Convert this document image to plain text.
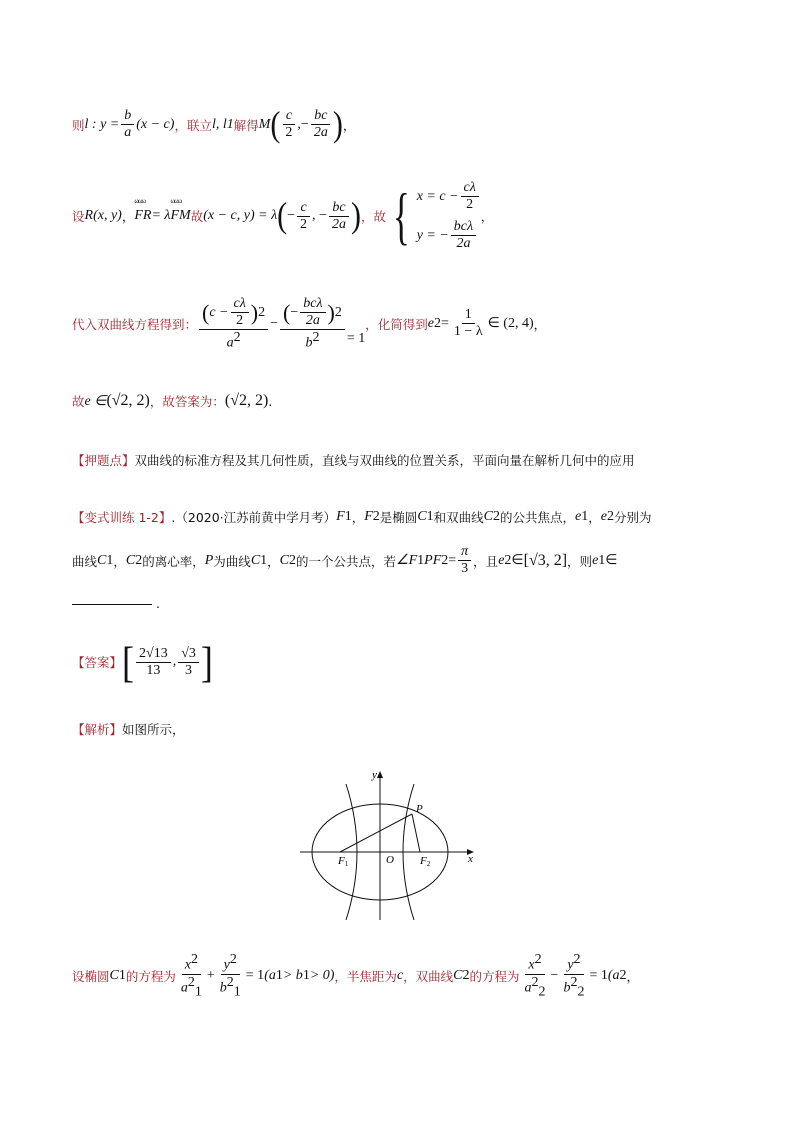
则 l : $y = \frac{b}{a} (x - c)$ ，联立 l, l 1 解得 M ( $\frac{c}{2}$ , − $\frac{bc}{2a}$ ) ，
设 R(x, y) ， ωωω FR = λ ωωω FM 故 (x − c, y) = λ ( − $\frac{c}{2}$ , − $\frac{bc}{2a}$ ) ，故 { $x = c - \frac{c\lambda}{2}$
y = − $\frac{\text{bcλ}}{2a}$
，
代入双曲线方程得到： $\frac{( c - \frac{c\lambda}{2} ) 2}{a^2} - \frac{( - \frac{\text{bcλ}}{2a} ) 2}{b^2} = 1$
，化简得到 e $2 = \frac{1}{1 - \lambda}$ ∈ (2, 4) ，
故 e ∈ (√2, 2) ，故答案为： (√2, 2) .
【押题点】 双曲线的标准方程及其几何性质，直线与双曲线的位置关系，平面向量在解析几何中的应用
【变式训练 1-2】 .（2020·江苏前黄中学月考） F 1 ， F 2 是椭圆 C 1 和双曲线 C 2 的公共焦点， e 1 ， e 2 分别为
曲线 C 1 ， C 2 的离心率， P 为曲线 C 1 ， C 2 的一个公共点，若 ∠F 1 PF $2 = \frac{\pi}{3}$ ，且 e 2 ∈ [√3, 2] ，则 e 1 ∈
.
【答案】 [ $\frac{2√13}{13}$ , $\frac{√3}{3}$ ]
【解析】 如图所示，
y
x
P
O
F1	F2
设椭圆 C 1 的方程为 $\frac{x^2}{a^2_1} + \frac{y^2}{b^2_1} = 1$ (a 1 > b 1 > 0) ，半焦距为 c ，双曲线 C 2 的方程为 $\frac{x^2}{a^2_2} - \frac{y^2}{b^2_2} = 1$ (a 2 ，
